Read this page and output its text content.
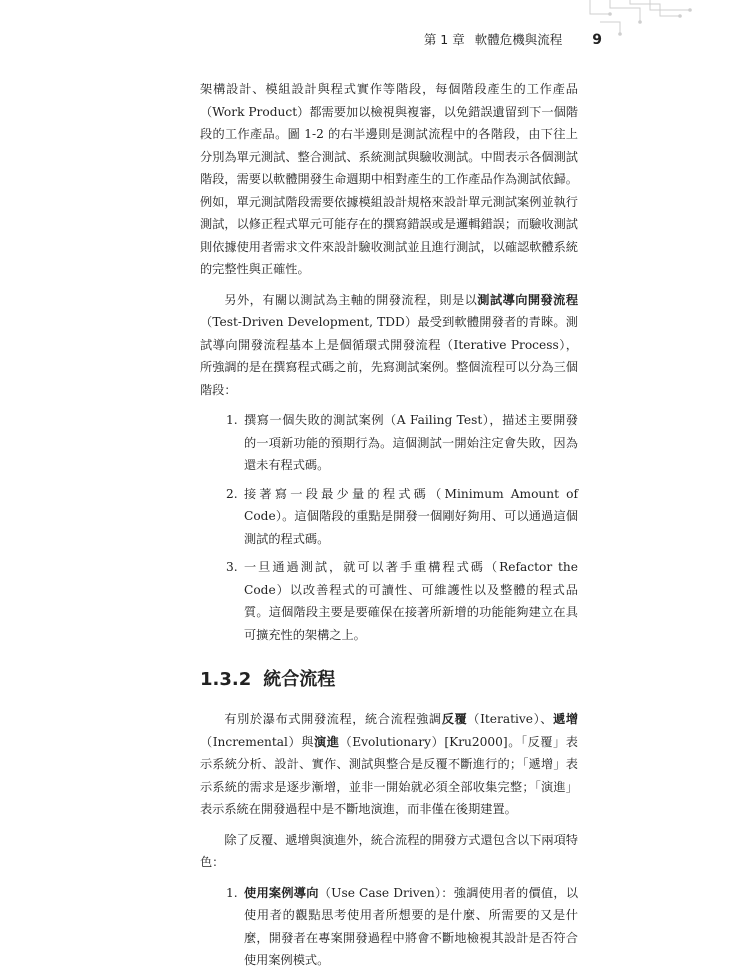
第 1 章 軟體危機與流程 9

架構設計、模組設計與程式實作等階段，每個階段產生的工作產品（Work Product）都需要加以檢視與複審，以免錯誤遺留到下一個階段的工作產品。圖 1-2 的右半邊則是測試流程中的各階段，由下往上分別為單元測試、整合測試、系統測試與驗收測試。中間表示各個測試階段，需要以軟體開發生命週期中相對產生的工作產品作為測試依歸。例如，單元測試階段需要依據模組設計規格來設計單元測試案例並執行測試，以修正程式單元可能存在的撰寫錯誤或是邏輯錯誤；而驗收測試則依據使用者需求文件來設計驗收測試並且進行測試，以確認軟體系統的完整性與正確性。

另外，有關以測試為主軸的開發流程，則是以測試導向開發流程（Test-Driven Development, TDD）最受到軟體開發者的青睞。測試導向開發流程基本上是個循環式開發流程（Iterative Process），所強調的是在撰寫程式碼之前，先寫測試案例。整個流程可以分為三個階段：

1. 撰寫一個失敗的測試案例（A Failing Test），描述主要開發的一項新功能的預期行為。這個測試一開始注定會失敗，因為還未有程式碼。
2. 接著寫一段最少量的程式碼（Minimum Amount of Code）。這個階段的重點是開發一個剛好夠用、可以通過這個測試的程式碼。
3. 一旦通過測試，就可以著手重構程式碼（Refactor the Code）以改善程式的可讀性、可維護性以及整體的程式品質。這個階段主要是要確保在接著所新增的功能能夠建立在具可擴充性的架構之上。
1.3.2 統合流程

有別於瀑布式開發流程，統合流程強調反覆（Iterative）、遞增（Incremental）與演進（Evolutionary）[Kru2000]。「反覆」表示系統分析、設計、實作、測試與整合是反覆不斷進行的；「遞增」表示系統的需求是逐步漸增，並非一開始就必須全部收集完整；「演進」表示系統在開發過程中是不斷地演進，而非僅在後期建置。

除了反覆、遞增與演進外，統合流程的開發方式還包含以下兩項特色：

1. 使用案例導向（Use Case Driven）：強調使用者的價值，以使用者的觀點思考使用者所想要的是什麼、所需要的又是什麼，開發者在專案開發過程中將會不斷地檢視其設計是否符合使用案例模式。
